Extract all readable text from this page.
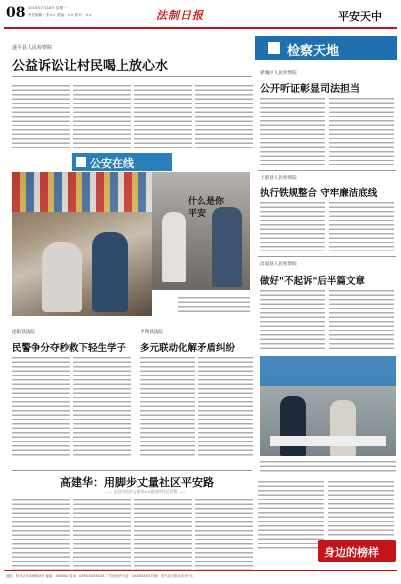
08 2016年7月18日 星期一
责任编辑：张×× 美编：×× 校对：××	法制日报	平安天中
遂平县人民检察院
公益诉讼让村民喝上放心水
公安在线
什么是你
平安
检察天地
驿城区人民检察院
公开听证彰显司法担当
上蔡县人民检察院
执行铁规整合 守牢廉洁底线
汝南县人民检察院
做好"不起诉"后半篇文章
泌阳县法院
民警争分夺秒救下轻生学子
平舆县法院
多元联动化解矛盾纠纷
高建华：用脚步丈量社区平安路
—— 记驻马店市公安局××派出所社区民警 ——
身边的榜样
地址：驻马店市XX路XX号 邮编：463000 电话：0396-XXXXXXX 广告经营许可证：XXXXXXXX 印刷：驻马店日报社印务中心
